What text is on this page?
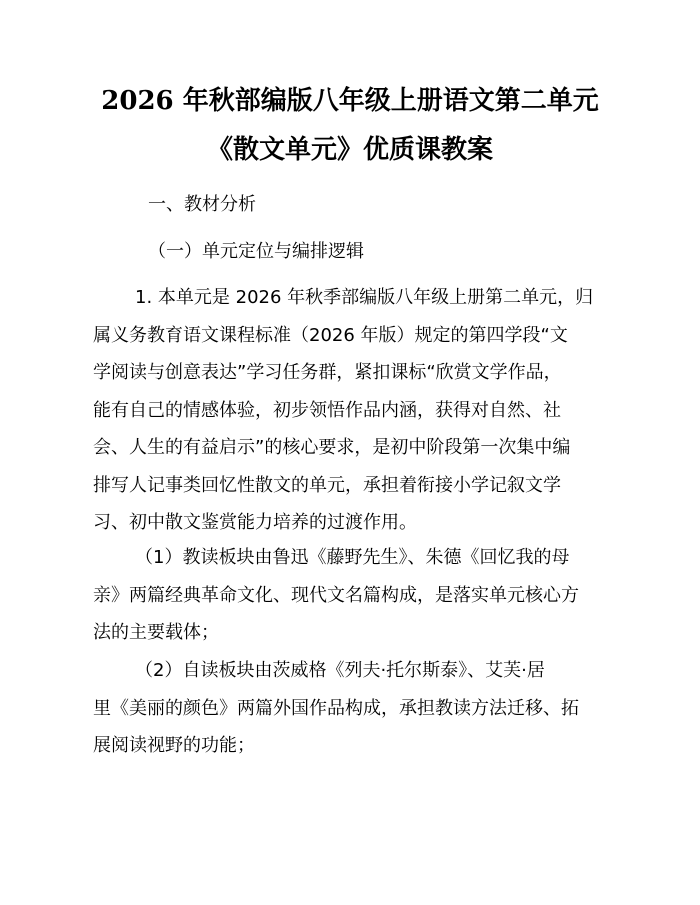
2026 年秋部编版八年级上册语文第二单元
《散文单元》优质课教案
一、教材分析
（一）单元定位与编排逻辑
1. 本单元是 2026 年秋季部编版八年级上册第二单元，归
属义务教育语文课程标准（2026 年版）规定的第四学段“文
学阅读与创意表达”学习任务群，紧扣课标“欣赏文学作品，
能有自己的情感体验，初步领悟作品内涵，获得对自然、社
会、人生的有益启示”的核心要求，是初中阶段第一次集中编
排写人记事类回忆性散文的单元，承担着衔接小学记叙文学
习、初中散文鉴赏能力培养的过渡作用。
（1）教读板块由鲁迅《藤野先生》、朱德《回忆我的母
亲》两篇经典革命文化、现代文名篇构成，是落实单元核心方
法的主要载体；
（2）自读板块由茨威格《列夫·托尔斯泰》、艾芙·居
里《美丽的颜色》两篇外国作品构成，承担教读方法迁移、拓
展阅读视野的功能；
